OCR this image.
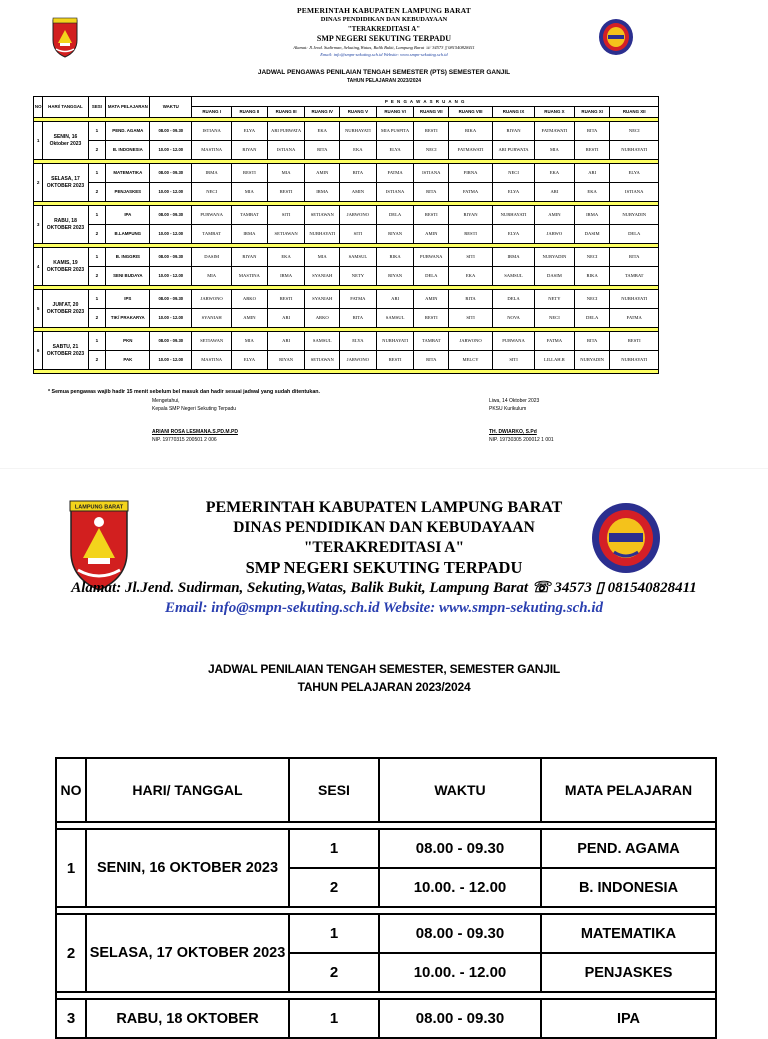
PEMERINTAH KABUPATEN LAMPUNG BARAT
DINAS PENDIDIKAN DAN KEBUDAYAAN
"TERAKREDITASI A"
SMP NEGERI SEKUTING TERPADU
Alamat: Jl.Jend. Sudirman, Sekuting,Watas, Balik Bukit, Lampung Barat ☏ 34573 ▯ 081540828411
Email: info@smpn-sekuting.sch.id Website: www.smpn-sekuting.sch.id
JADWAL PENGAWAS PENILAIAN TENGAH SEMESTER (PTS) SEMESTER GANJIL
TAHUN PELAJARAN 2023/2024
NO	HARI/ TANGGAL	SESI	MATA PELAJARAN	WAKTU	P E N G A W A S R U A N G											
					RUANG I	RUANG II	RUANG III	RUANG IV	RUANG V	RUANG VI	RUANG VII	RUANG VIII	RUANG IX	RUANG X	RUANG XI	RUANG XII

1	SENIN, 16 Oktober 2023	1	PEND. AGAMA	08.00 - 09.30	ISTIANA	ELYA	ARI PURWATA	EKA	NURHAYATI	MIA PUSPITA	RESTI	RIKA	RIYAN	FATMAWATI	RITA	NECI
		2	B. INDONESIA	10.00 - 12.00	MASTINA	RIYAN	ISTIANA	RITA	EKA	ELYA	NECI	FATMAWATI	ARI PURWATA	MIA	RESTI	NURHAYATI

2	SELASA, 17 OKTOBER 2023	1	MATEMATIKA	08.00 - 09.30	IRMA	RESTI	MIA	AMIN	RITA	FATMA	ISTIANA	FIRNA	NECI	EKA	ARI	ELYA
		2	PENJASKES	10.00 - 12.00	NECI	MIA	RESTI	IRMA	AMIN	ISTIANA	RITA	FATMA	ELYA	ARI	EKA	ISTIANA

3	RABU, 18 OKTOBER 2023	1	IPA	08.00 - 09.30	PURWANA	TAMBAT	SITI	SETIAWAN	JARWONO	DELA	RESTI	RIYAN	NURHAYATI	AMIN	IRMA	NURYADIN
		2	B.LAMPUNG	10.00 - 12.00	TAMBAT	IRMA	SETIAWAN	NURHAYATI	SITI	RIYAN	AMIN	RESTI	ELYA	JARWO	DASIM	DELA

4	KAMIS, 19 OKTOBER 2023	1	B. INGGRIS	08.00 - 09.30	DASIM	RIYAN	EKA	MIA	SAMSUL	RIKA	PURWANA	SITI	IRMA	NURYADIN	NECI	RITA
		2	SENI BUDAYA	10.00 - 12.00	MIA	MASTINA	IRMA	SYANIAH	NETY	RIYAN	DELA	EKA	SAMSUL	DASIM	RIKA	TAMBAT

5	JUM'AT, 20 OKTOBER 2023	1	IPS	08.00 - 09.30	JARWONO	ARKO	RESTI	SYANIAH	FATMA	ARI	AMIN	RITA	DELA	NETY	NECI	NURHAYATI
		2	TIK/ PRAKARYA	10.00 - 12.00	SYANIAH	AMIN	ARI	ARKO	RITA	SAMSUL	RESTI	SITI	NOVA	NECI	DELA	FATMA

6	SABTU, 21 OKTOBER 2023	1	PKN	08.00 - 09.30	SETIAWAN	MIA	ARI	SAMSUL	ELYA	NURHAYATI	TAMBAT	JARWONO	PURWANA	FATMA	RITA	RESTI
		2	PAK	10.00 - 12.00	MASTINA	ELYA	RIYAN	SETIAWAN	JARWONO	RESTI	RITA	MELCY	SITI	LILLAH.R	NURYADIN	NURHAYATI

* Semua pengawas wajib hadir 15 menit sebelum bel masuk dan hadir sesuai jadwal yang sudah ditentukan.
Mengetahui,
Kepala SMP Negeri Sekuting Terpadu
ARIANI ROSA LESMANA.S.PD.M.PD
NIP. 19770315 200501 2 006
Liwa, 14 Oktober 2023
PKSU Kurikulum
TH. DWIARKO, S.Pd
NIP. 19730305 200012 1 001
LAMPUNG BARAT	PEMERINTAH KABUPATEN LAMPUNG BARAT
DINAS PENDIDIKAN DAN KEBUDAYAAN
"TERAKREDITASI A"
SMP NEGERI SEKUTING TERPADU
Alamat: Jl.Jend. Sudirman, Sekuting,Watas, Balik Bukit, Lampung Barat ☏ 34573 ▯ 081540828411
Email: info@smpn-sekuting.sch.id Website: www.smpn-sekuting.sch.id
JADWAL PENILAIAN TENGAH SEMESTER, SEMESTER GANJIL
TAHUN PELAJARAN 2023/2024
NO	HARI/ TANGGAL	SESI	WAKTU	MATA PELAJARAN

1	SENIN, 16 OKTOBER 2023	1	08.00 - 09.30	PEND. AGAMA
		2	10.00. - 12.00	B. INDONESIA

2	SELASA, 17 OKTOBER 2023	1	08.00 - 09.30	MATEMATIKA
		2	10.00. - 12.00	PENJASKES

3	RABU, 18 OKTOBER	1	08.00 - 09.30	IPA
